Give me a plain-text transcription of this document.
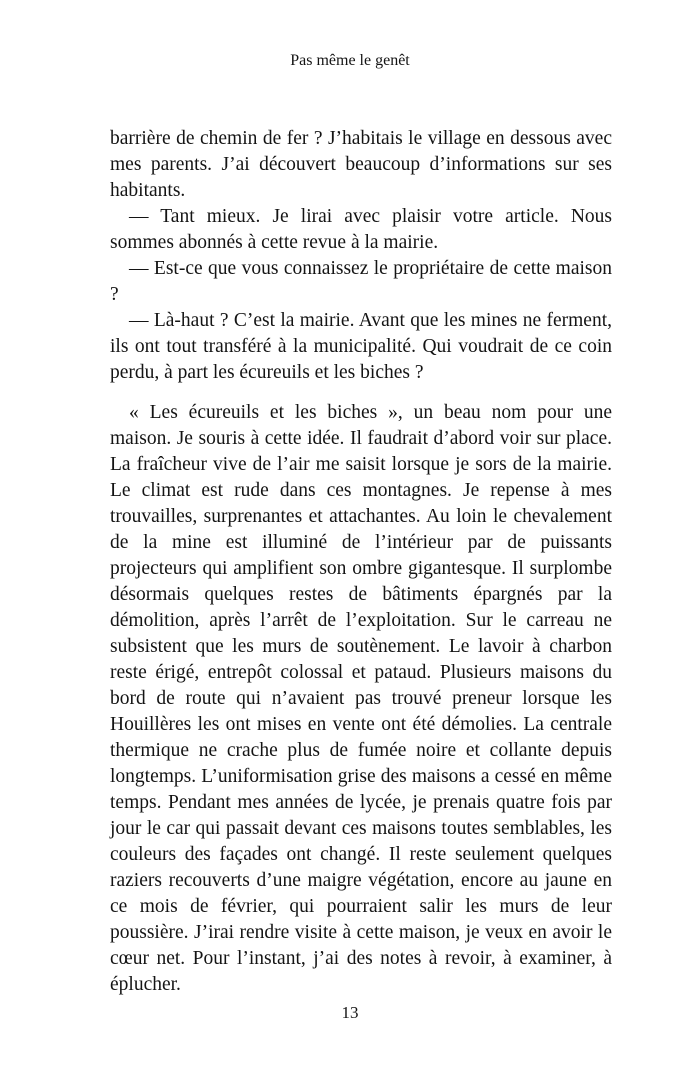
Pas même le genêt

barrière de chemin de fer ? J’habitais le village en dessous avec mes parents. J’ai découvert beaucoup d’informations sur ses habitants.

— Tant mieux. Je lirai avec plaisir votre article. Nous sommes abonnés à cette revue à la mairie.

— Est-ce que vous connaissez le propriétaire de cette maison ?

— Là-haut ? C’est la mairie. Avant que les mines ne ferment, ils ont tout transféré à la municipalité. Qui voudrait de ce coin perdu, à part les écureuils et les biches ?

« Les écureuils et les biches », un beau nom pour une maison. Je souris à cette idée. Il faudrait d’abord voir sur place. La fraîcheur vive de l’air me saisit lorsque je sors de la mairie. Le climat est rude dans ces montagnes. Je repense à mes trouvailles, surprenantes et attachantes. Au loin le chevalement de la mine est illuminé de l’intérieur par de puissants projecteurs qui amplifient son ombre gigantesque. Il surplombe désormais quelques restes de bâtiments épargnés par la démolition, après l’arrêt de l’exploitation. Sur le carreau ne subsistent que les murs de soutènement. Le lavoir à charbon reste érigé, entrepôt colossal et pataud. Plusieurs maisons du bord de route qui n’avaient pas trouvé preneur lorsque les Houillères les ont mises en vente ont été démolies. La centrale thermique ne crache plus de fumée noire et collante depuis longtemps. L’uniformisation grise des maisons a cessé en même temps. Pendant mes années de lycée, je prenais quatre fois par jour le car qui passait devant ces maisons toutes semblables, les couleurs des façades ont changé. Il reste seulement quelques raziers recouverts d’une maigre végétation, encore au jaune en ce mois de février, qui pourraient salir les murs de leur poussière. J’irai rendre visite à cette maison, je veux en avoir le cœur net. Pour l’instant, j’ai des notes à revoir, à examiner, à éplucher.

13
